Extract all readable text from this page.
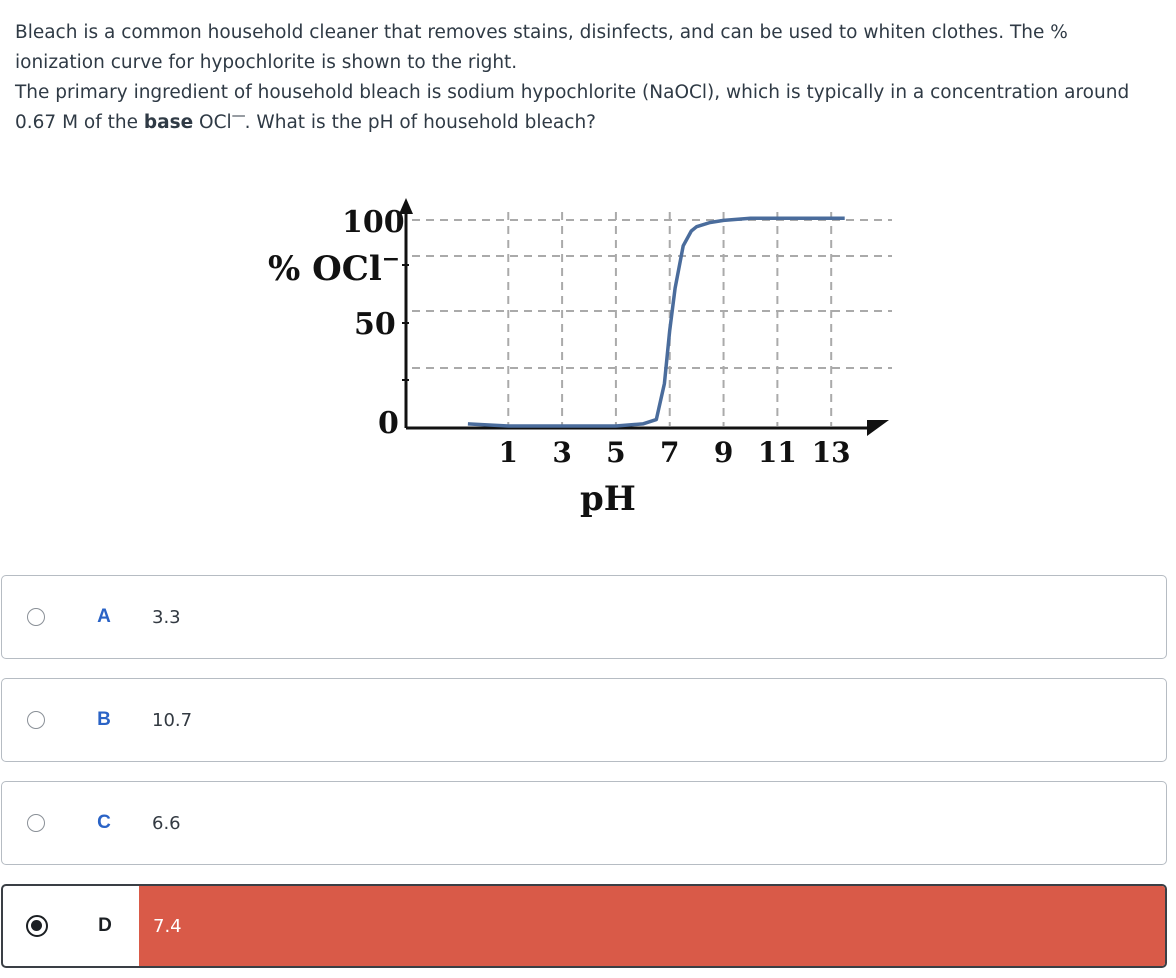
Bleach is a common household cleaner that removes stains, disinfects, and can be used to whiten clothes. The % ionization curve for hypochlorite is shown to the right.

The primary ingredient of household bleach is sodium hypochlorite (NaOCl), which is typically in a concentration around 0.67 M of the base OCl—. What is the pH of household bleach?

100
% OCl−
50
0
1 3 5 7 9 11 13
pH
A 3.3
B 10.7
C 6.6
D 7.4
